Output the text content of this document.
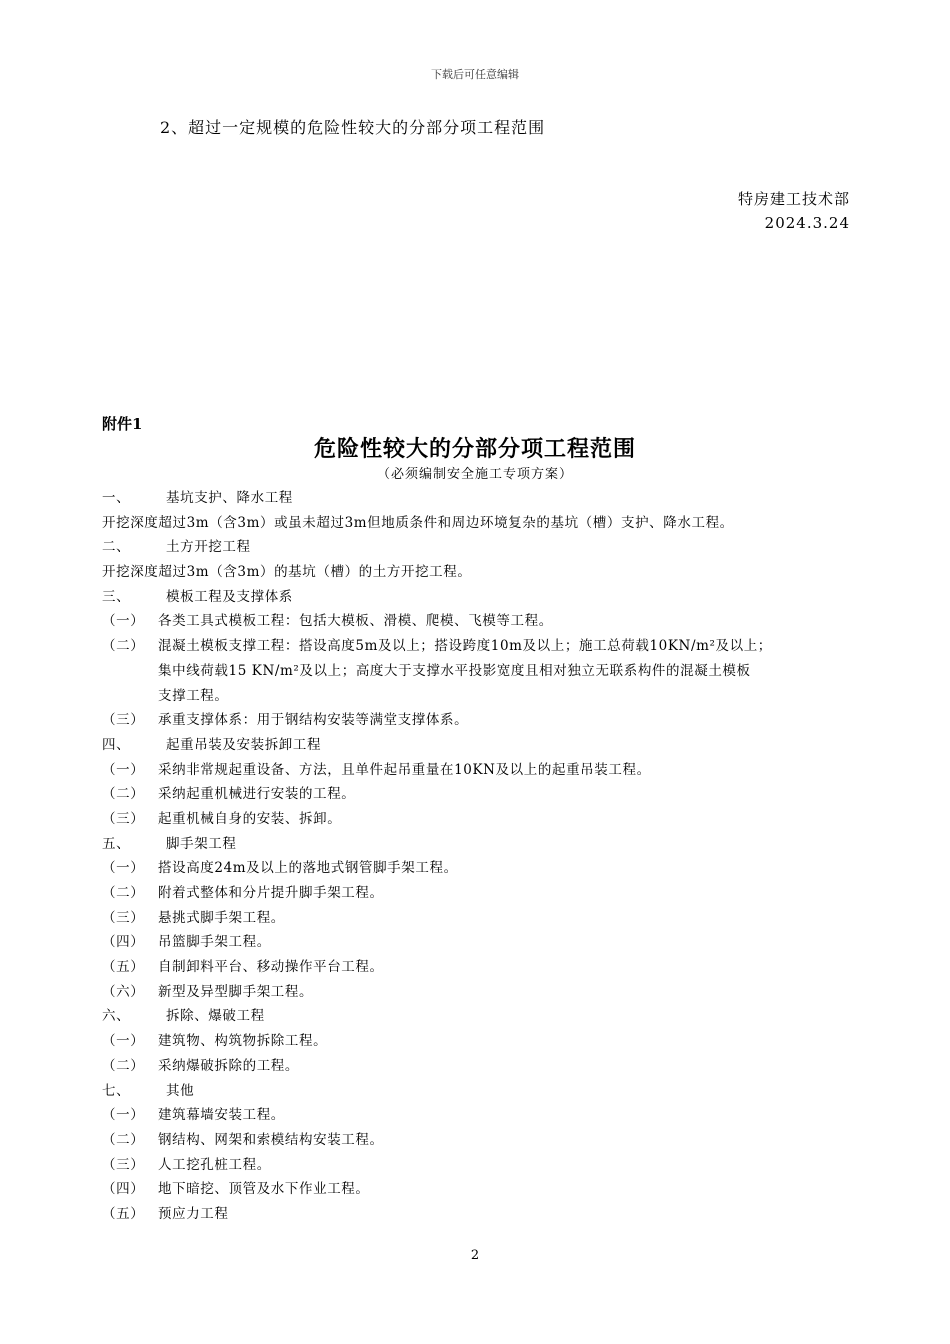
下载后可任意编辑
2、超过一定规模的危险性较大的分部分项工程范围
特房建工技术部
2024.3.24
附件1
危险性较大的分部分项工程范围
（必须编制安全施工专项方案）
一、	基坑支护、降水工程
开挖深度超过3m（含3m）或虽未超过3m但地质条件和周边环境复杂的基坑（槽）支护、降水工程。
二、	土方开挖工程
开挖深度超过3m（含3m）的基坑（槽）的土方开挖工程。
三、	模板工程及支撑体系
（一） 各类工具式模板工程：包括大模板、滑模、爬模、飞模等工程。
（二） 混凝土模板支撑工程：搭设高度5m及以上；搭设跨度10m及以上；施工总荷载10KN/m²及以上；
集中线荷载15 KN/m²及以上；高度大于支撑水平投影宽度且相对独立无联系构件的混凝土模板
支撑工程。
（三） 承重支撑体系：用于钢结构安装等满堂支撑体系。
四、	起重吊装及安装拆卸工程
（一） 采纳非常规起重设备、方法，且单件起吊重量在10KN及以上的起重吊装工程。
（二） 采纳起重机械进行安装的工程。
（三） 起重机械自身的安装、拆卸。
五、	脚手架工程
（一） 搭设高度24m及以上的落地式钢管脚手架工程。
（二） 附着式整体和分片提升脚手架工程。
（三） 悬挑式脚手架工程。
（四） 吊篮脚手架工程。
（五） 自制卸料平台、移动操作平台工程。
（六） 新型及异型脚手架工程。
六、	拆除、爆破工程
（一） 建筑物、构筑物拆除工程。
（二） 采纳爆破拆除的工程。
七、	其他
（一） 建筑幕墙安装工程。
（二） 钢结构、网架和索模结构安装工程。
（三） 人工挖孔桩工程。
（四） 地下暗挖、顶管及水下作业工程。
（五） 预应力工程
2
